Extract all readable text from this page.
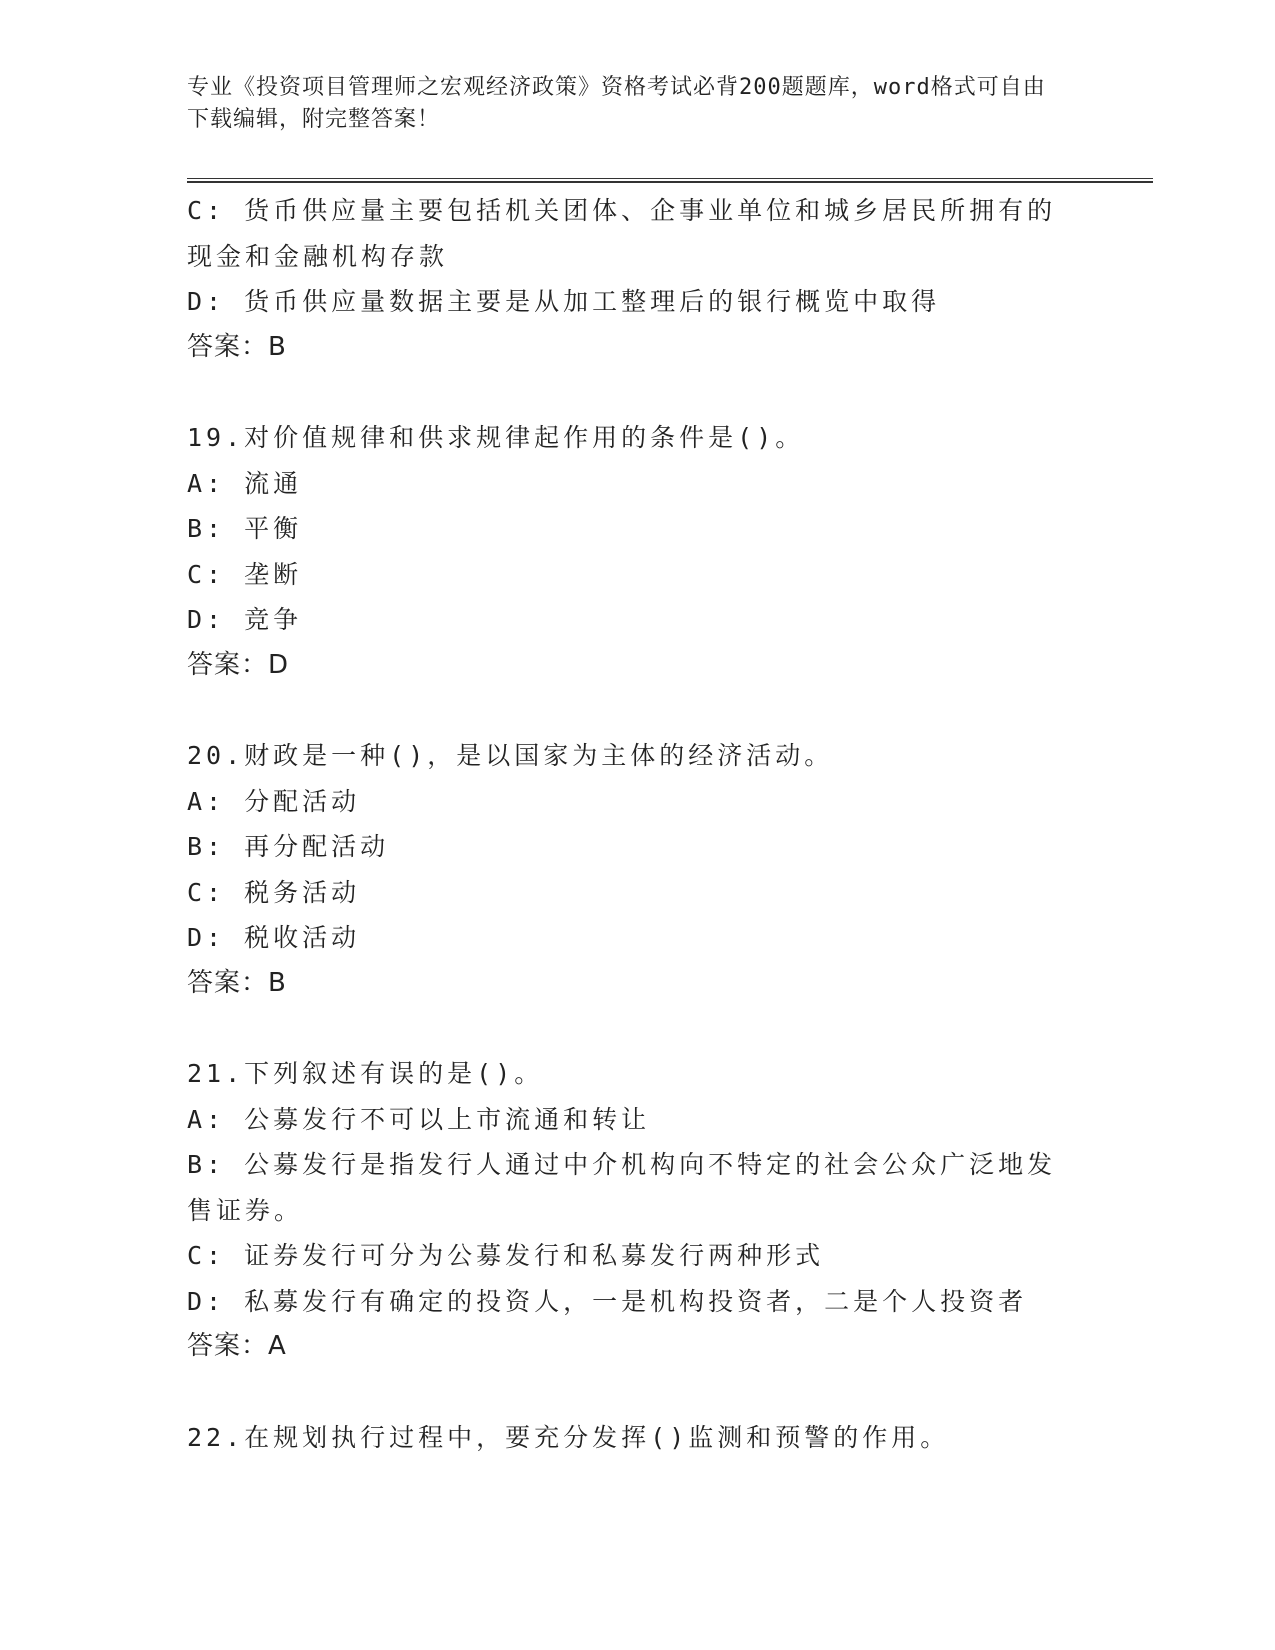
专业《投资项目管理师之宏观经济政策》资格考试必背200题题库，word格式可自由下载编辑，附完整答案！

C: 货币供应量主要包括机关团体、企事业单位和城乡居民所拥有的现金和金融机构存款

D: 货币供应量数据主要是从加工整理后的银行概览中取得

答案：B

19.对价值规律和供求规律起作用的条件是()。

A: 流通

B: 平衡

C: 垄断

D: 竞争

答案：D

20.财政是一种()，是以国家为主体的经济活动。

A: 分配活动

B: 再分配活动

C: 税务活动

D: 税收活动

答案：B

21.下列叙述有误的是()。

A: 公募发行不可以上市流通和转让

B: 公募发行是指发行人通过中介机构向不特定的社会公众广泛地发售证券。

C: 证券发行可分为公募发行和私募发行两种形式

D: 私募发行有确定的投资人，一是机构投资者，二是个人投资者

答案：A

22.在规划执行过程中，要充分发挥()监测和预警的作用。
